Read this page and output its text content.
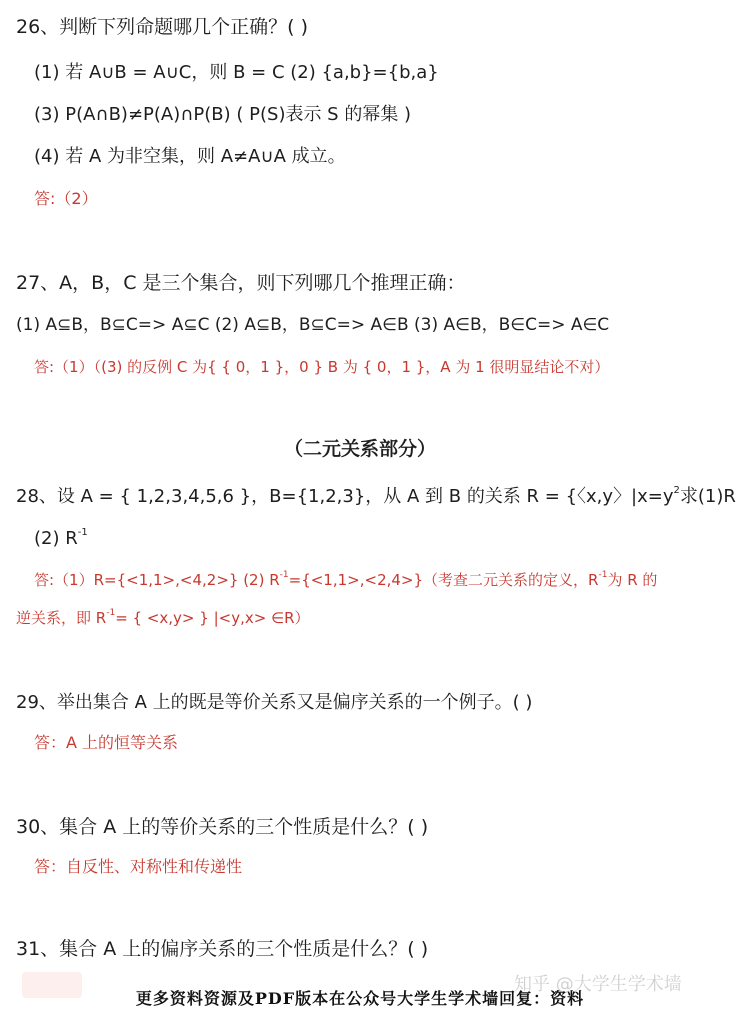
26、判断下列命题哪几个正确？( )
(1) 若 A∪B = A∪C，则 B = C (2) {a,b}={b,a}
(3) P(A∩B)≠P(A)∩P(B) ( P(S)表示 S 的幂集 )
(4) 若 A 为非空集，则 A≠A∪A 成立。
答:（2）
27、A，B，C 是三个集合，则下列哪几个推理正确：
(1) A⊆B，B⊆C=> A⊆C (2) A⊆B，B⊆C=> A∈B (3) A∈B，B∈C=> A∈C
答:（1）（(3) 的反例 C 为{ { 0，1 }，0 } B 为 { 0，1 }，A 为 1 很明显结论不对）
（二元关系部分）
28、设 A = { 1,2,3,4,5,6 }，B={1,2,3}，从 A 到 B 的关系 R = {〈x,y〉$|x=y^2$求(1)R
(2) $R^{-1}$
答:（1）R={<1,1>,<4,2>} (2) $R^{-1}=\{<1,1>,<2,4>\}$（考查二元关系的定义，$R^{-1}$为 R 的
逆关系，即 $R^{-1}=$ { <x,y> } |<y,x> ∈R）
29、举出集合 A 上的既是等价关系又是偏序关系的一个例子。( )
答：A 上的恒等关系
30、集合 A 上的等价关系的三个性质是什么？( )
答：自反性、对称性和传递性
31、集合 A 上的偏序关系的三个性质是什么？( )
知乎 @大学生学术墙
更多资料资源及PDF版本在公众号大学生学术墙回复：资料
